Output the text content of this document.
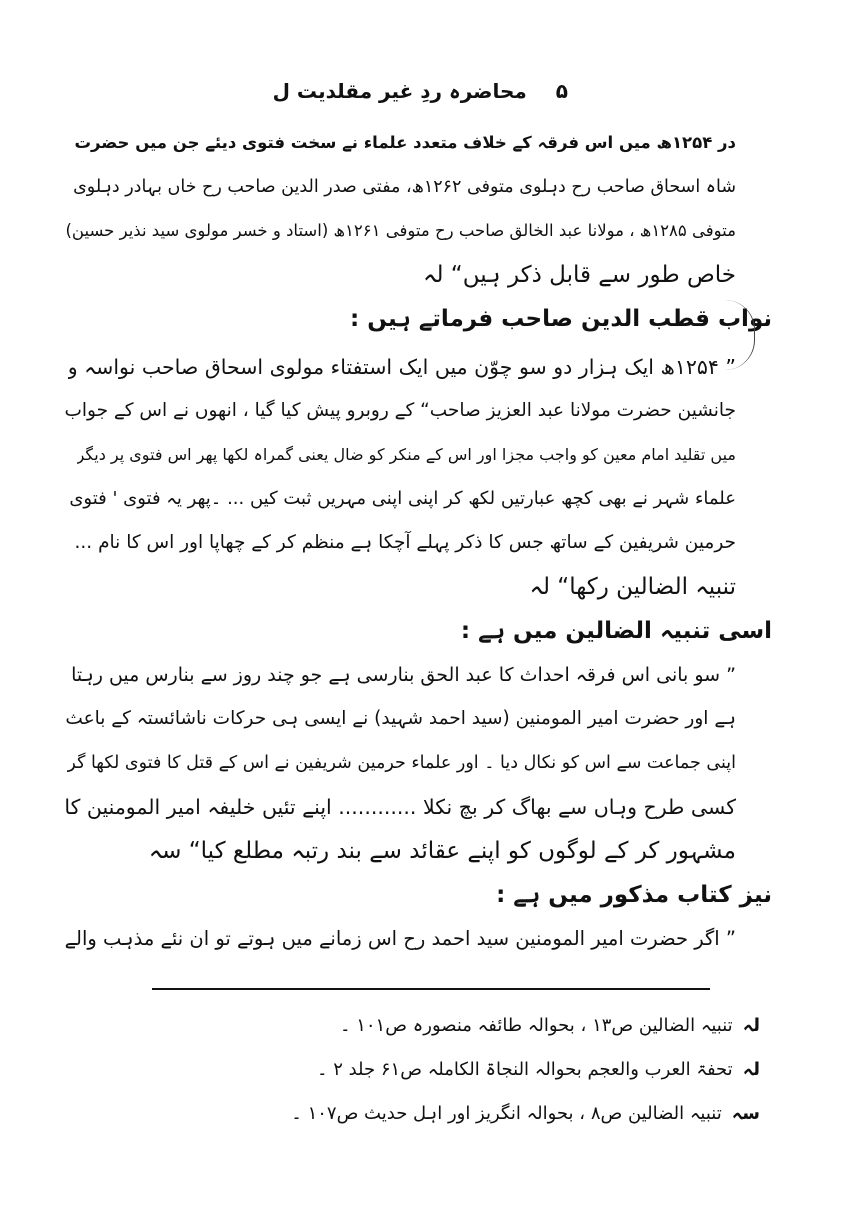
۵ محاضرہ ردِ غیر مقلدیت ل
در ۱۲۵۴ھ میں اس فرقہ کے خلاف متعدد علماء نے سخت فتوی دیئے جن میں حضرت
شاہ اسحاق صاحب رح دہلوی متوفی ۱۲۶۲ھ، مفتی صدر الدین صاحب رح خاں بہادر دہلوی
متوفی ۱۲۸۵ھ ، مولانا عبد الخالق صاحب رح متوفی ۱۲۶۱ھ (استاد و خسر مولوی سید نذیر حسین)
خاص طور سے قابل ذکر ہیں“ لہ
نواب قطب الدین صاحب فرماتے ہیں :
” ۱۲۵۴ھ ایک ہزار دو سو چوّن میں ایک استفتاء مولوی اسحاق صاحب نواسہ و
جانشین حضرت مولانا عبد العزیز صاحب“ کے روبرو پیش کیا گیا ، انھوں نے اس کے جواب
میں تقلید امام معین کو واجب مجزا اور اس کے منکر کو ضال یعنی گمراہ لکھا پھر اس فتوی پر دیگر
علماء شہر نے بھی کچھ عبارتیں لکھ کر اپنی اپنی مہریں ثبت کیں ... ۔پھر یہ فتوی ' فتوی
حرمین شریفین کے ساتھ جس کا ذکر پہلے آچکا ہے منظم کر کے چھاپا اور اس کا نام ...
تنبیہ الضالین رکھا“ لہ
اسی تنبیہ الضالین میں ہے :
” سو بانی اس فرقہ احداث کا عبد الحق بنارسی ہے جو چند روز سے بنارس میں رہتا
ہے اور حضرت امیر المومنین (سید احمد شہید) نے ایسی ہی حرکات ناشائستہ کے باعث
اپنی جماعت سے اس کو نکال دیا ۔ اور علماء حرمین شریفین نے اس کے قتل کا فتوی لکھا گر
کسی طرح وہاں سے بھاگ کر بچ نکلا ............ اپنے تئیں خلیفہ امیر المومنین کا
مشہور کر کے لوگوں کو اپنے عقائد سے بند رتبہ مطلع کیا“ سہ
نیز کتاب مذکور میں ہے :
” اگر حضرت امیر المومنین سید احمد رح اس زمانے میں ہوتے تو ان نئے مذہب والے
لہتنبیہ الضالین ص۱۳ ، بحوالہ طائفہ منصورہ ص۱۰۱ ۔
لہتحفۃ العرب والعجم بحوالہ النجاۃ الکاملہ ص۶۱ جلد ۲ ۔
سہتنبیہ الضالین ص۸ ، بحوالہ انگریز اور اہل حدیث ص۱۰۷ ۔
